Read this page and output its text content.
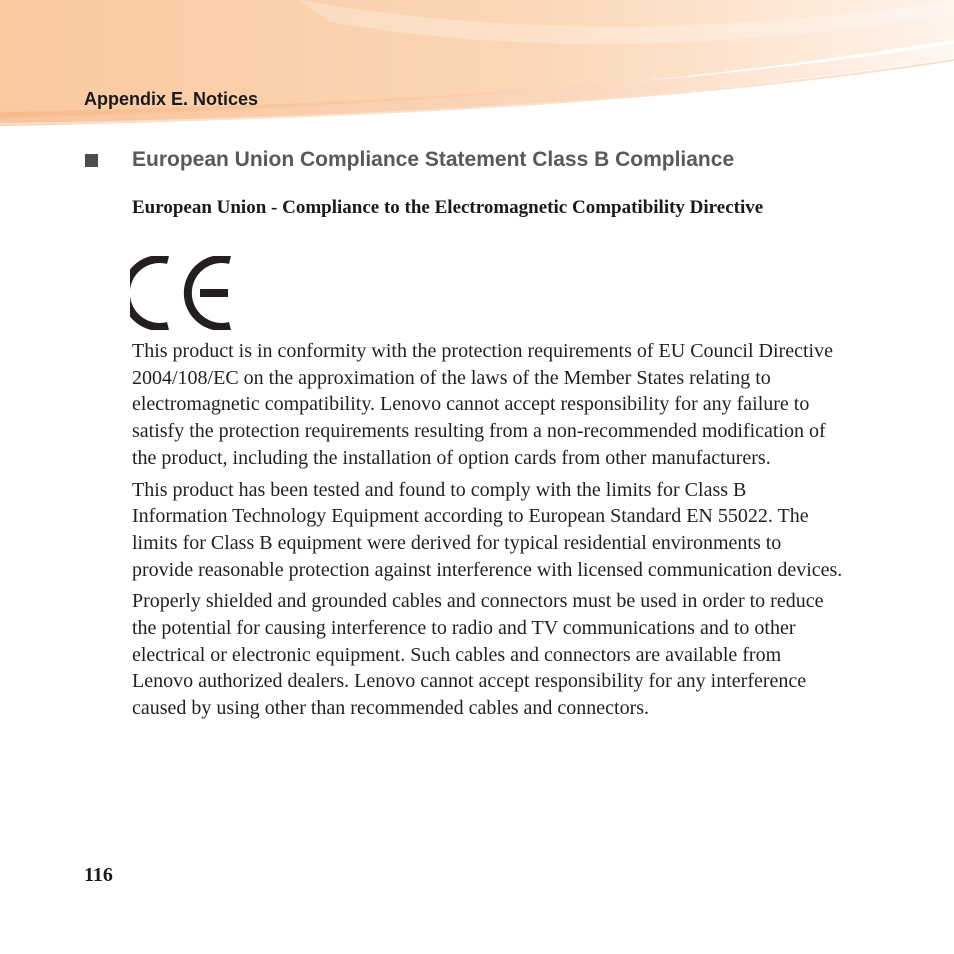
Appendix E. Notices
European Union Compliance Statement Class B Compliance
European Union - Compliance to the Electromagnetic Compatibility Directive

This product is in conformity with the protection requirements of EU Council Directive 2004/108/EC on the approximation of the laws of the Member States relating to electromagnetic compatibility. Lenovo cannot accept responsibility for any failure to satisfy the protection requirements resulting from a non-recommended modification of the product, including the installation of option cards from other manufacturers.

This product has been tested and found to comply with the limits for Class B Information Technology Equipment according to European Standard EN 55022. The limits for Class B equipment were derived for typical residential environments to provide reasonable protection against interference with licensed communication devices.

Properly shielded and grounded cables and connectors must be used in order to reduce the potential for causing interference to radio and TV communications and to other electrical or electronic equipment. Such cables and connectors are available from Lenovo authorized dealers. Lenovo cannot accept responsibility for any interference caused by using other than recommended cables and connectors.

116
